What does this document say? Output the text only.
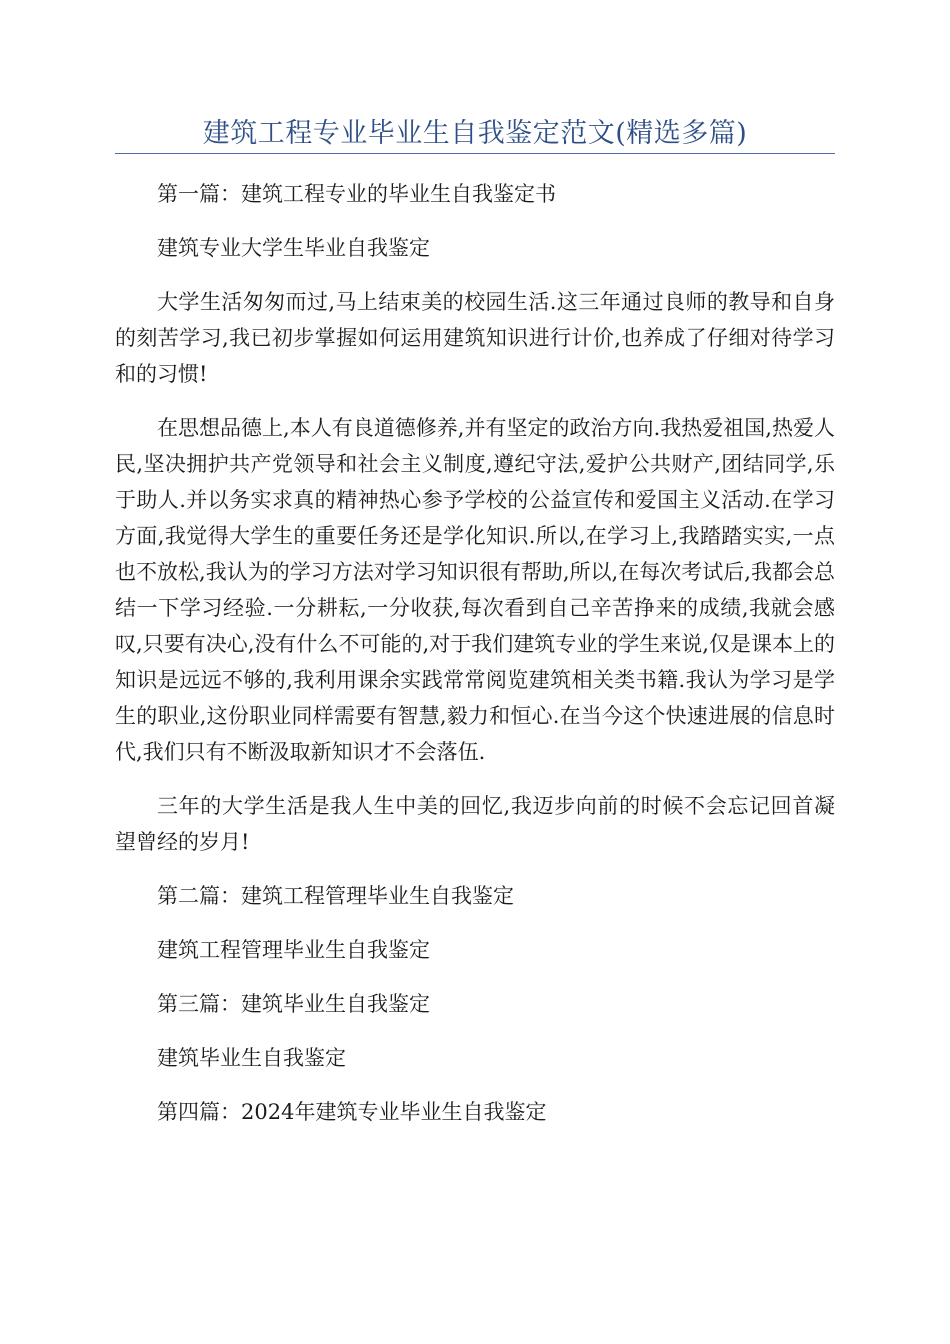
建筑工程专业毕业生自我鉴定范文(精选多篇)

第一篇：建筑工程专业的毕业生自我鉴定书

建筑专业大学生毕业自我鉴定

大学生活匆匆而过,马上结束美的校园生活.这三年通过良师的教导和自身的刻苦学习,我已初步掌握如何运用建筑知识进行计价,也养成了仔细对待学习和的习惯!

在思想品德上,本人有良道德修养,并有坚定的政治方向.我热爱祖国,热爱人民,坚决拥护共产党领导和社会主义制度,遵纪守法,爱护公共财产,团结同学,乐于助人.并以务实求真的精神热心参予学校的公益宣传和爱国主义活动.在学习方面,我觉得大学生的重要任务还是学化知识.所以,在学习上,我踏踏实实,一点也不放松,我认为的学习方法对学习知识很有帮助,所以,在每次考试后,我都会总结一下学习经验.一分耕耘,一分收获,每次看到自己辛苦挣来的成绩,我就会感叹,只要有决心,没有什么不可能的,对于我们建筑专业的学生来说,仅是课本上的知识是远远不够的,我利用课余实践常常阅览建筑相关类书籍.我认为学习是学生的职业,这份职业同样需要有智慧,毅力和恒心.在当今这个快速进展的信息时代,我们只有不断汲取新知识才不会落伍.

三年的大学生活是我人生中美的回忆,我迈步向前的时候不会忘记回首凝望曾经的岁月!

第二篇：建筑工程管理毕业生自我鉴定

建筑工程管理毕业生自我鉴定

第三篇：建筑毕业生自我鉴定

建筑毕业生自我鉴定

第四篇：2024年建筑专业毕业生自我鉴定
